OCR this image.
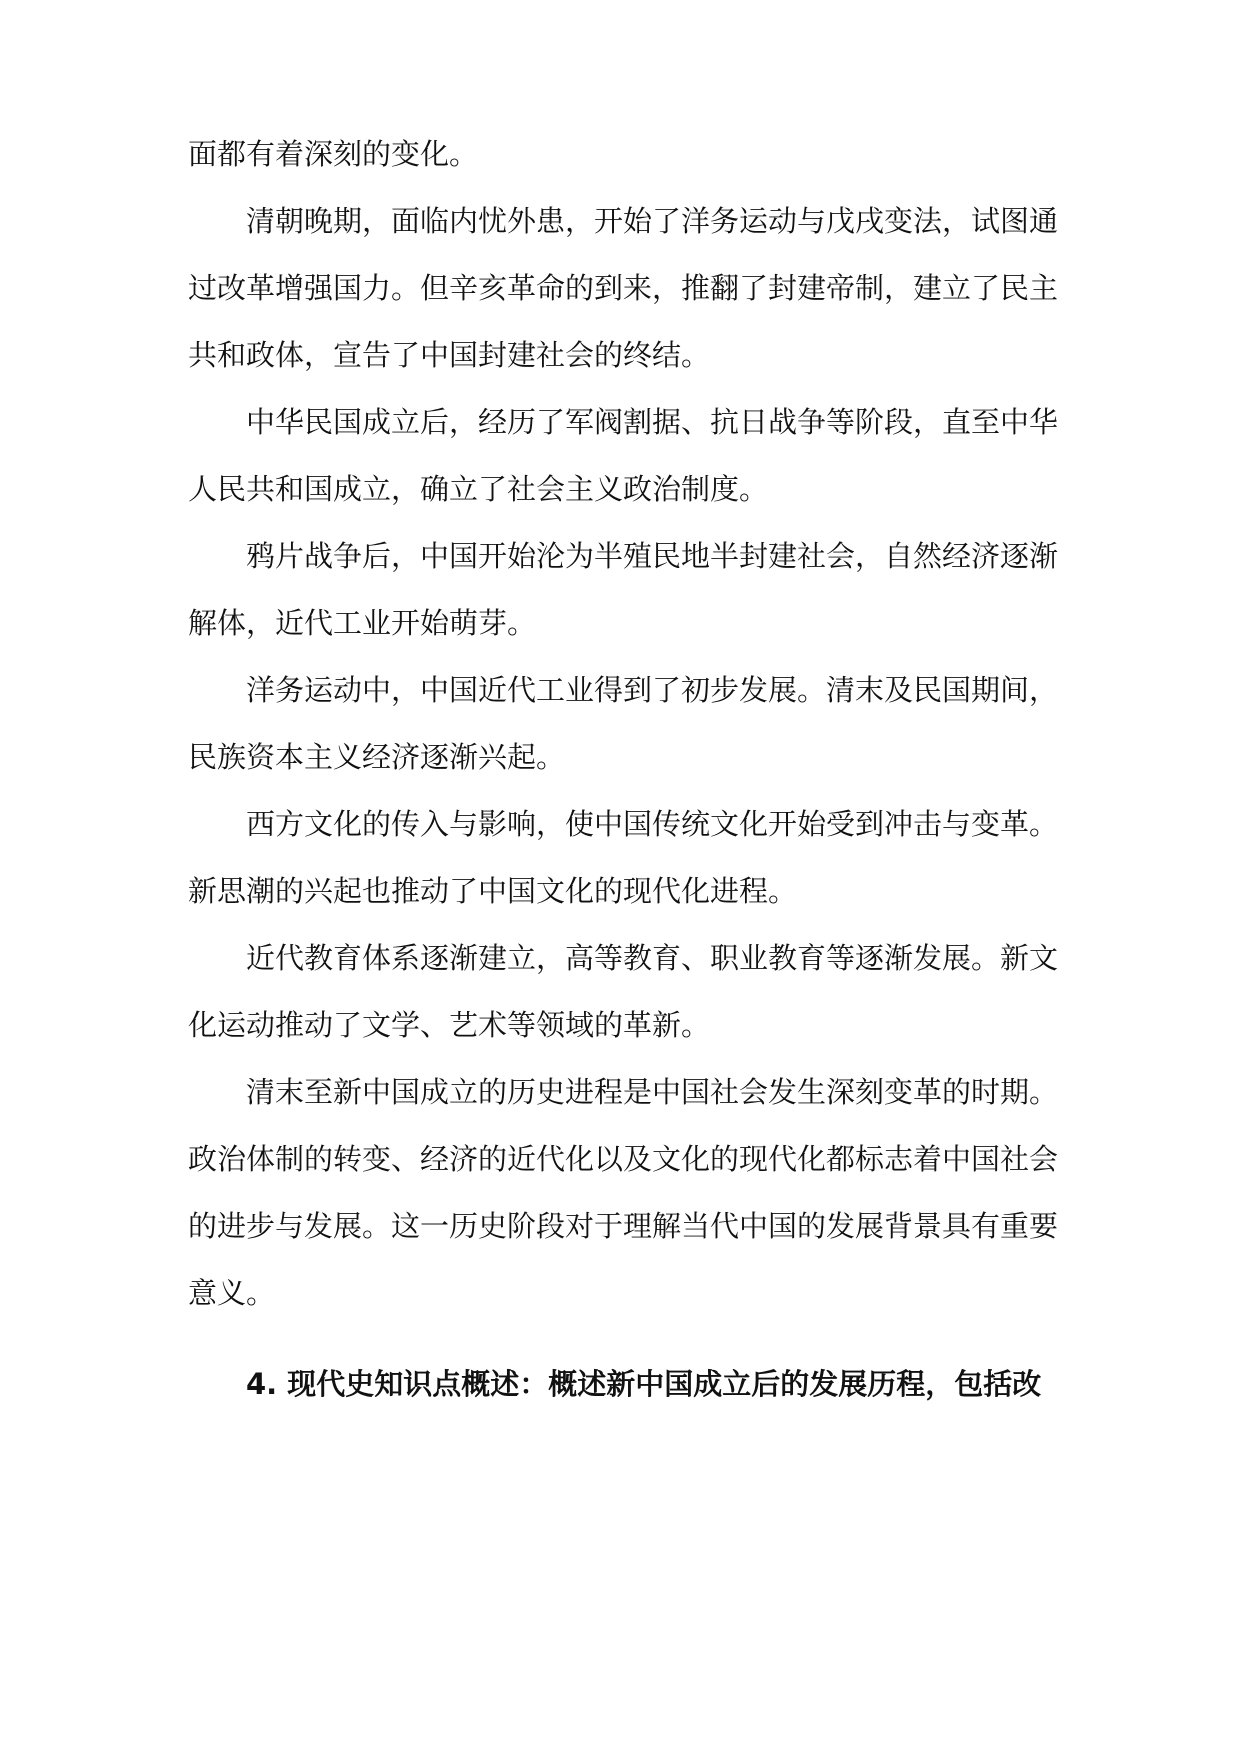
面都有着深刻的变化。
清朝晚期，面临内忧外患，开始了洋务运动与戊戌变法，试图通
过改革增强国力。但辛亥革命的到来，推翻了封建帝制，建立了民主
共和政体，宣告了中国封建社会的终结。
中华民国成立后，经历了军阀割据、抗日战争等阶段，直至中华
人民共和国成立，确立了社会主义政治制度。
鸦片战争后，中国开始沦为半殖民地半封建社会，自然经济逐渐
解体，近代工业开始萌芽。
洋务运动中，中国近代工业得到了初步发展。清末及民国期间，
民族资本主义经济逐渐兴起。
西方文化的传入与影响，使中国传统文化开始受到冲击与变革。
新思潮的兴起也推动了中国文化的现代化进程。
近代教育体系逐渐建立，高等教育、职业教育等逐渐发展。新文
化运动推动了文学、艺术等领域的革新。
清末至新中国成立的历史进程是中国社会发生深刻变革的时期。
政治体制的转变、经济的近代化以及文化的现代化都标志着中国社会
的进步与发展。这一历史阶段对于理解当代中国的发展背景具有重要
意义。
4. 现代史知识点概述：概述新中国成立后的发展历程，包括改
